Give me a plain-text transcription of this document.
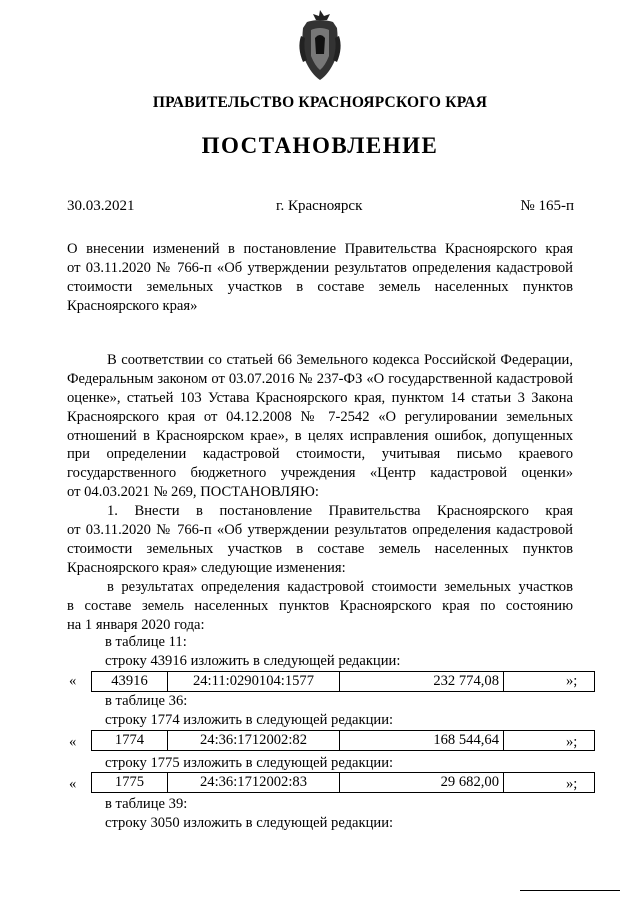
ПРАВИТЕЛЬСТВО КРАСНОЯРСКОГО КРАЯ
ПОСТАНОВЛЕНИЕ
30.03.2021	г. Красноярск	№ 165-п
О внесении изменений в постановление Правительства Красноярского края
от 03.11.2020 № 766-п «Об утверждении результатов определения кадастровой
стоимости земельных участков в составе земель населенных пунктов
Красноярского края»
В соответствии со статьей 66 Земельного кодекса Российской Федерации,
Федеральным законом от 03.07.2016 № 237-ФЗ «О государственной кадастровой
оценке», статьей 103 Устава Красноярского края, пунктом 14 статьи 3 Закона
Красноярского края от 04.12.2008 № 7-2542 «О регулировании земельных
отношений в Красноярском крае», в целях исправления ошибок, допущенных
при определении кадастровой стоимости, учитывая письмо краевого
государственного бюджетного учреждения «Центр кадастровой оценки»
от 04.03.2021 № 269, ПОСТАНОВЛЯЮ:
1. Внести в постановление Правительства Красноярского края
от 03.11.2020 № 766-п «Об утверждении результатов определения кадастровой
стоимости земельных участков в составе земель населенных пунктов
Красноярского края» следующие изменения:
в результатах определения кадастровой стоимости земельных участков
в составе земель населенных пунктов Красноярского края по состоянию
на 1 января 2020 года:
в таблице 11:
строку 43916 изложить в следующей редакции:
« 43916	24:11:0290104:1577	232 774,08		»;
в таблице 36:
строку 1774 изложить в следующей редакции:
«	1774	24:36:1712002:82	168 544,64		»;
строку 1775 изложить в следующей редакции:
«	1775	24:36:1712002:83	29 682,00		»;
в таблице 39:
строку 3050 изложить в следующей редакции:
